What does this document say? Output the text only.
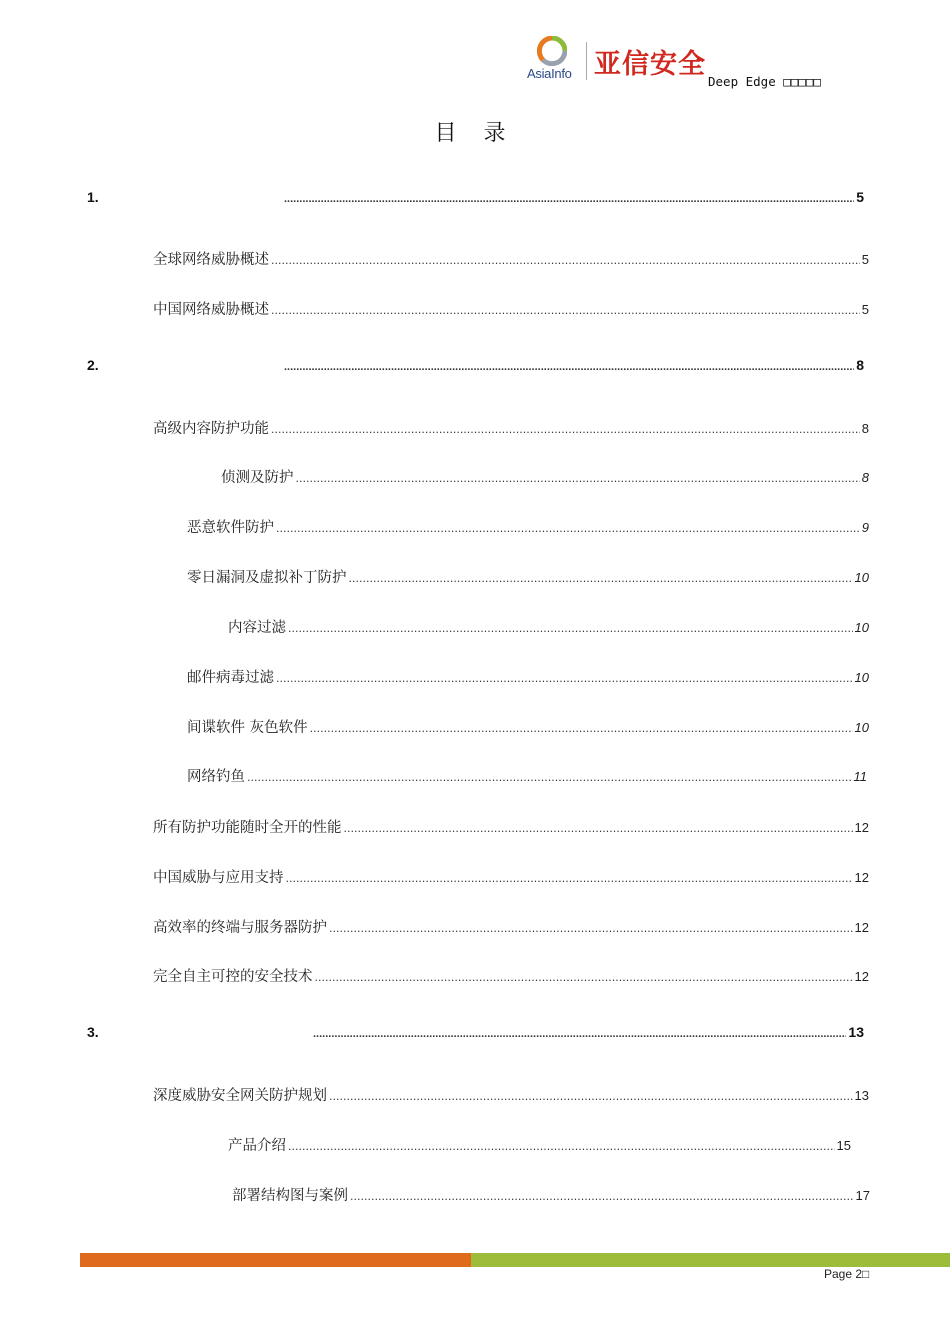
AsiaInfo 亚信安全
Deep Edge □□□□□
目 录
1. .....	5
全球网络威胁概述 .....	5
中国网络威胁概述 .....	5
2. .....	8
高级内容防护功能 .....	8
侦测及防护 .....	8
恶意软件防护 .....	9
零日漏洞及虚拟补丁防护 .....	10
内容过滤 .....	10
邮件病毒过滤 .....	10
间谍软件 灰色软件 .....	10
网络钓鱼 .....	11
所有防护功能随时全开的性能 .....	12
中国威胁与应用支持 .....	12
高效率的终端与服务器防护 .....	12
完全自主可控的安全技术 .....	12
3. .....	13
深度威胁安全网关防护规划 .....	13
产品介绍 .....	15
部署结构图与案例 .....	17
Page 2□
